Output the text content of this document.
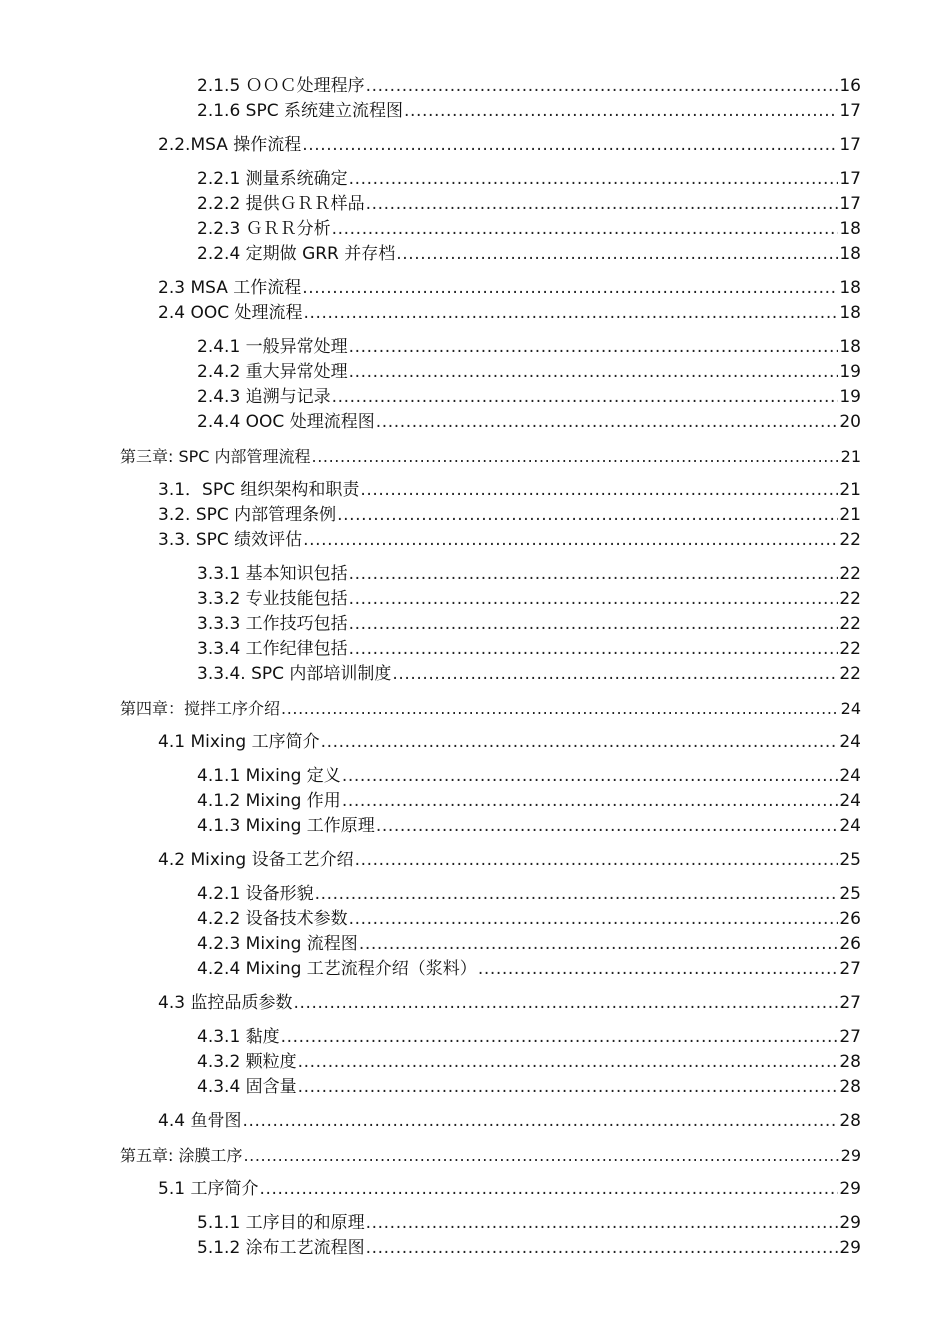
2.1.5 ＯＯＣ处理程序 .....	16
2.1.6 SPC 系统建立流程图 .....	17
2.2.MSA 操作流程 .....	17
2.2.1 测量系统确定 .....	17
2.2.2 提供ＧＲＲ样品 .....	17
2.2.3 ＧＲＲ分析 .....	18
2.2.4 定期做 GRR 并存档 .....	18
2.3 MSA 工作流程 .....	18
2.4 OOC 处理流程 .....	18
2.4.1 一般异常处理 .....	18
2.4.2 重大异常处理 .....	19
2.4.3 追溯与记录 .....	19
2.4.4 OOC 处理流程图 .....	20
第三章: SPC 内部管理流程 .....	21
3.1．SPC 组织架构和职责 .....	21
3.2. SPC 内部管理条例 .....	21
3.3. SPC 绩效评估 .....	22
3.3.1 基本知识包括 .....	22
3.3.2 专业技能包括 .....	22
3.3.3 工作技巧包括 .....	22
3.3.4 工作纪律包括 .....	22
3.3.4. SPC 内部培训制度 .....	22
第四章：搅拌工序介绍 .....	24
4.1 Mixing 工序简介 .....	24
4.1.1 Mixing 定义 .....	24
4.1.2 Mixing 作用 .....	24
4.1.3 Mixing 工作原理 .....	24
4.2 Mixing 设备工艺介绍 .....	25
4.2.1 设备形貌 .....	25
4.2.2 设备技术参数 .....	26
4.2.3 Mixing 流程图 .....	26
4.2.4 Mixing 工艺流程介绍（浆料） .....	27
4.3 监控品质参数 .....	27
4.3.1 黏度 .....	27
4.3.2 颗粒度 .....	28
4.3.4 固含量 .....	28
4.4 鱼骨图 .....	28
第五章: 涂膜工序 .....	29
5.1 工序简介 .....	29
5.1.1 工序目的和原理 .....	29
5.1.2 涂布工艺流程图 .....	29
